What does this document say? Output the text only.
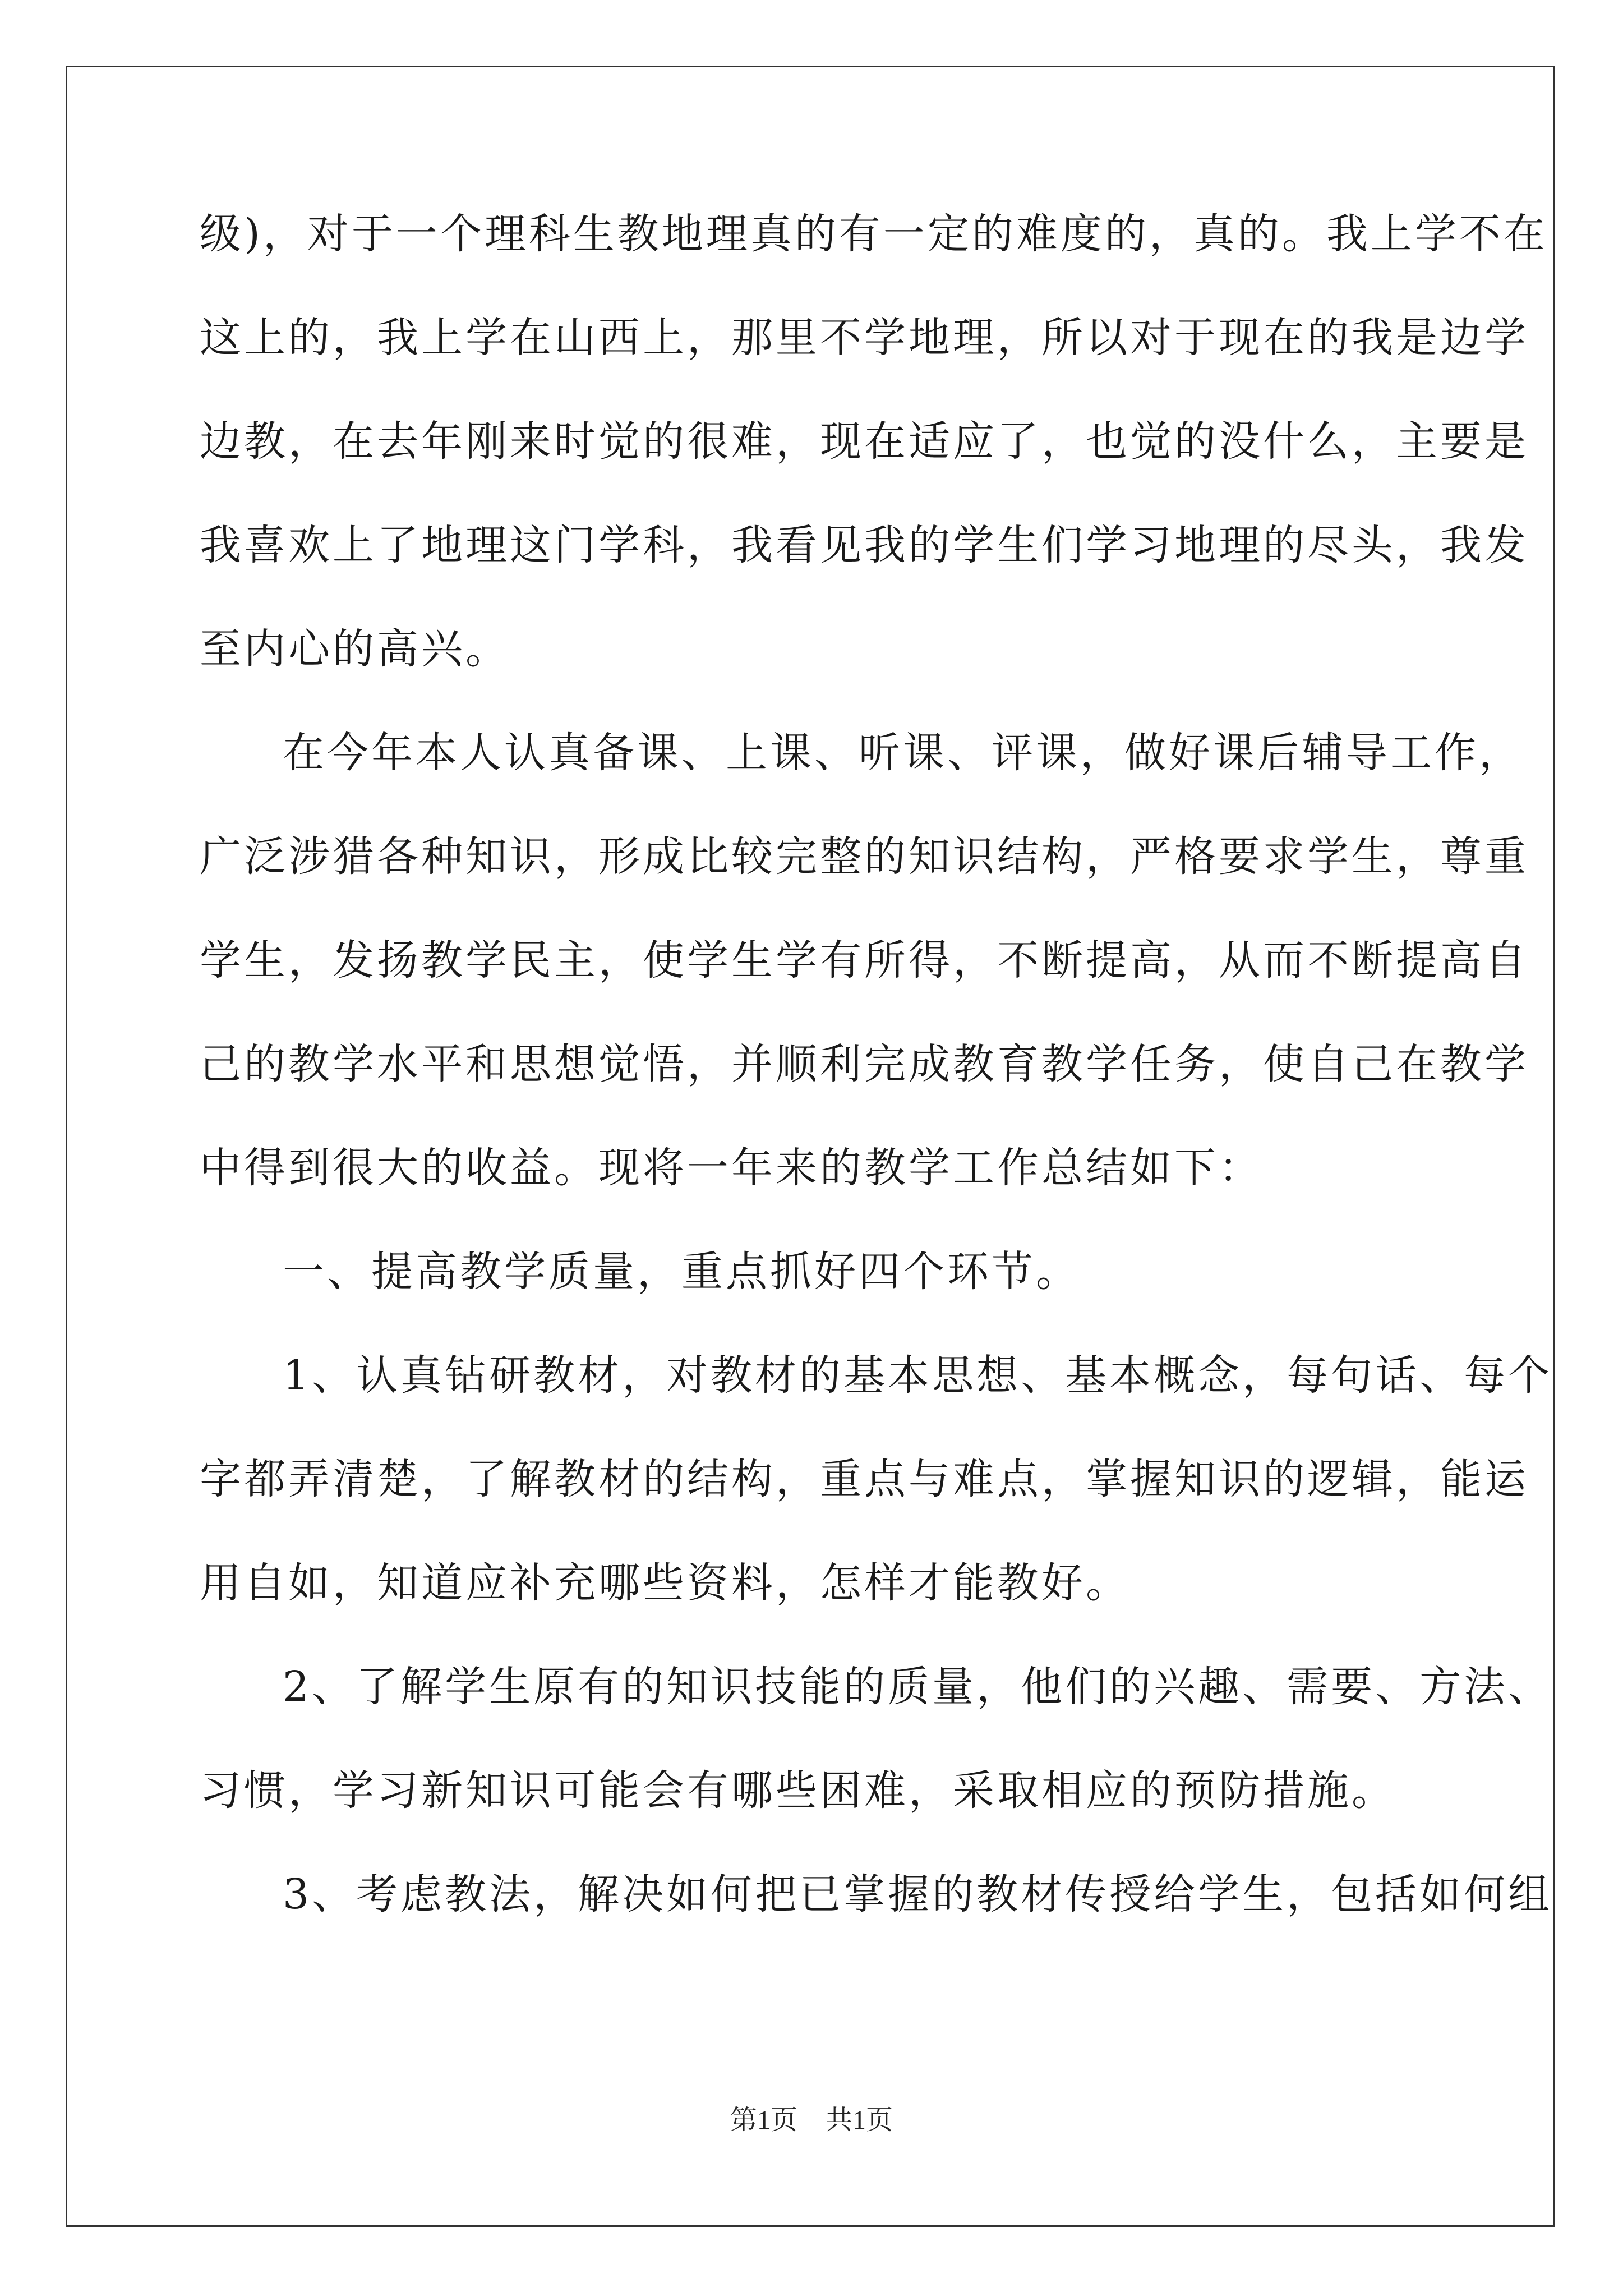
级)，对于一个理科生教地理真的有一定的难度的，真的。我上学不在
这上的，我上学在山西上，那里不学地理，所以对于现在的我是边学
边教，在去年刚来时觉的很难，现在适应了，也觉的没什么，主要是
我喜欢上了地理这门学科，我看见我的学生们学习地理的尽头，我发
至内心的高兴。
在今年本人认真备课、上课、听课、评课，做好课后辅导工作，
广泛涉猎各种知识，形成比较完整的知识结构，严格要求学生，尊重
学生，发扬教学民主，使学生学有所得，不断提高，从而不断提高自
己的教学水平和思想觉悟，并顺利完成教育教学任务，使自己在教学
中得到很大的收益。现将一年来的教学工作总结如下：
一、提高教学质量，重点抓好四个环节。
1、认真钻研教材，对教材的基本思想、基本概念，每句话、每个
字都弄清楚，了解教材的结构，重点与难点，掌握知识的逻辑，能运
用自如，知道应补充哪些资料，怎样才能教好。
2、了解学生原有的知识技能的质量，他们的兴趣、需要、方法、
习惯，学习新知识可能会有哪些困难，采取相应的预防措施。
3、考虑教法，解决如何把已掌握的教材传授给学生，包括如何组
第1页 共1页
